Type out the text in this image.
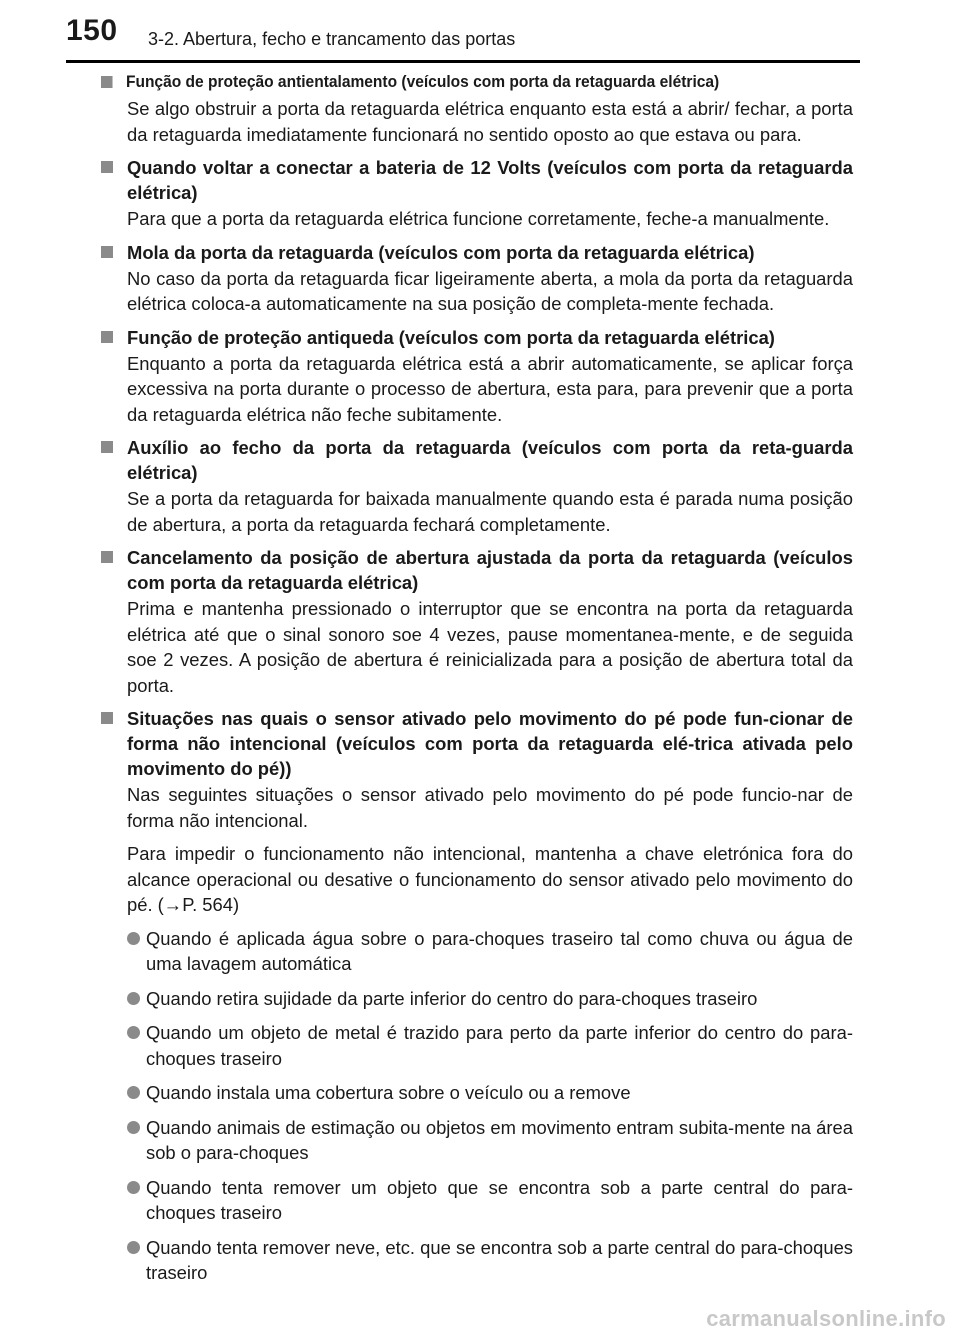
150 3-2. Abertura, fecho e trancamento das portas
Função de proteção antientalamento (veículos com porta da retaguarda elétrica)
Se algo obstruir a porta da retaguarda elétrica enquanto esta está a abrir/ fechar, a porta da retaguarda imediatamente funcionará no sentido oposto ao que estava ou para.
Quando voltar a conectar a bateria de 12 Volts (veículos com porta da retaguarda elétrica)
Para que a porta da retaguarda elétrica funcione corretamente, feche-a manualmente.
Mola da porta da retaguarda (veículos com porta da retaguarda elétrica)
No caso da porta da retaguarda ficar ligeiramente aberta, a mola da porta da retaguarda elétrica coloca-a automaticamente na sua posição de completa-mente fechada.
Função de proteção antiqueda (veículos com porta da retaguarda elétrica)
Enquanto a porta da retaguarda elétrica está a abrir automaticamente, se aplicar força excessiva na porta durante o processo de abertura, esta para, para prevenir que a porta da retaguarda elétrica não feche subitamente.
Auxílio ao fecho da porta da retaguarda (veículos com porta da reta-guarda elétrica)
Se a porta da retaguarda for baixada manualmente quando esta é parada numa posição de abertura, a porta da retaguarda fechará completamente.
Cancelamento da posição de abertura ajustada da porta da retaguarda (veículos com porta da retaguarda elétrica)
Prima e mantenha pressionado o interruptor que se encontra na porta da retaguarda elétrica até que o sinal sonoro soe 4 vezes, pause momentanea-mente, e de seguida soe 2 vezes. A posição de abertura é reinicializada para a posição de abertura total da porta.
Situações nas quais o sensor ativado pelo movimento do pé pode fun-cionar de forma não intencional (veículos com porta da retaguarda elé-trica ativada pelo movimento do pé))
Nas seguintes situações o sensor ativado pelo movimento do pé pode funcio-nar de forma não intencional.
Para impedir o funcionamento não intencional, mantenha a chave eletrónica fora do alcance operacional ou desative o funcionamento do sensor ativado pelo movimento do pé. (→P. 564)
Quando é aplicada água sobre o para-choques traseiro tal como chuva ou água de uma lavagem automática
Quando retira sujidade da parte inferior do centro do para-choques traseiro
Quando um objeto de metal é trazido para perto da parte inferior do centro do para-choques traseiro
Quando instala uma cobertura sobre o veículo ou a remove
Quando animais de estimação ou objetos em movimento entram subita-mente na área sob o para-choques
Quando tenta remover um objeto que se encontra sob a parte central do para-choques traseiro
Quando tenta remover neve, etc. que se encontra sob a parte central do para-choques traseiro
carmanualsonline.info
